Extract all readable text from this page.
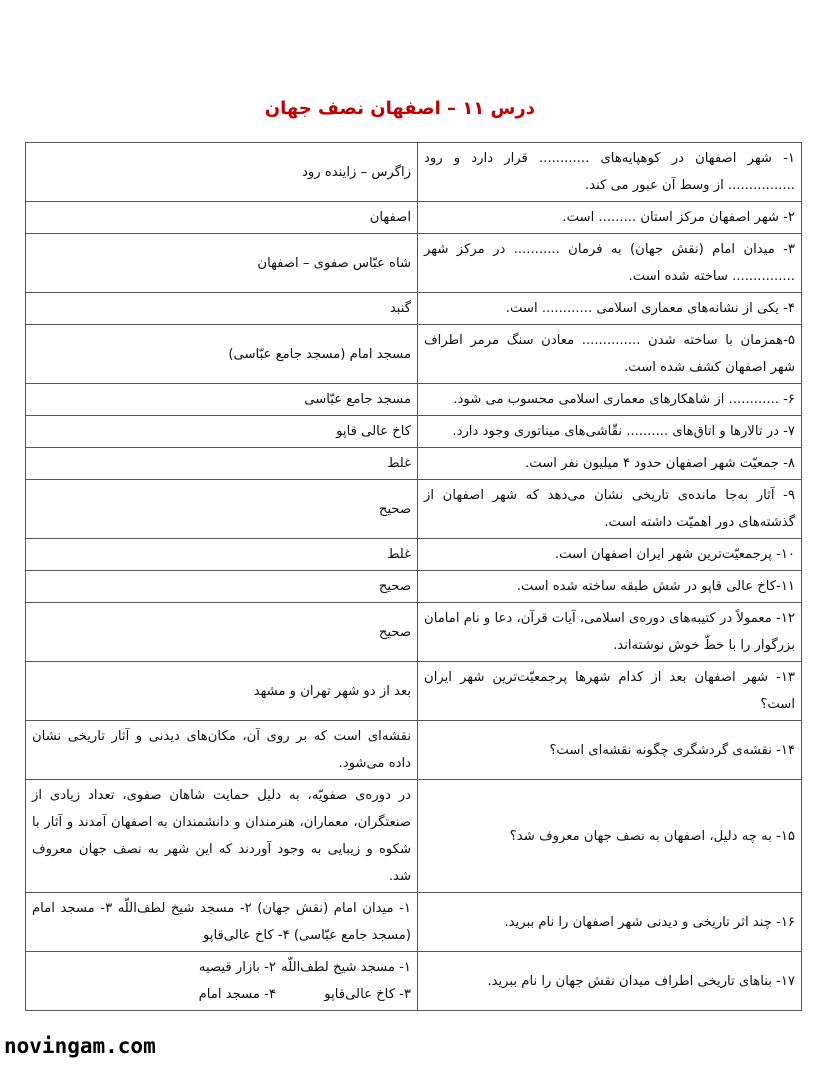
درس ۱۱ – اصفهان نصف جهان
۱- شهر اصفهان در کوهپایه‌های ............ قرار دارد و رود ................ از وسط آن عبور می کند.	زاگرس – زاینده رود
۲- شهر اصفهان مرکز استان ......... است.	اصفهان
۳- میدان امام (نقش جهان) به فرمان ........... در مرکز شهر ............... ساخته شده است.	شاه عبّاس صفوی – اصفهان
۴- یکی از نشانه‌های معماری اسلامی ............ است.	گنبد
۵-همزمان با ساخته شدن .............. معادن سنگ مرمر اطراف شهر اصفهان کشف شده است.	مسجد امام (مسجد جامع عبّاسی)
۶- ............ از شاهکارهای معماری اسلامی محسوب می شود.	مسجد جامع عبّاسی
۷- در تالارها و اتاق‌های .......... نقّاشی‌های میناتوری وجود دارد.	کاخ عالی قاپو
۸- جمعیّت شهر اصفهان حدود ۴ میلیون نفر است.	غلط
۹- آثار به‌جا مانده‌ی تاریخی نشان می‌دهد که شهر اصفهان از گذشته‌های دور اهمیّت داشته است.	صحیح
۱۰- پرجمعیّت‌ترین شهر ایران اصفهان است.	غلط
۱۱-کاخ عالی قاپو در شش طبقه ساخته شده است.	صحیح
۱۲- معمولاً در کتیبه‌های دوره‌ی اسلامی، آیات قرآن، دعا و نام امامان بزرگوار را با خطّ خوش نوشته‌اند.	صحیح
۱۳- شهر اصفهان بعد از کدام شهرها پرجمعیّت‌ترین شهر ایران است؟	بعد از دو شهر تهران و مشهد
۱۴- نقشه‌ی گردشگری چگونه نقشه‌ای است؟	نقشه‌ای است که بر روی آن، مکان‌های دیدنی و آثار تاریخی نشان داده می‌شود.
۱۵- به چه دلیل، اصفهان به نصف جهان معروف شد؟	در دوره‌ی صفویّه، به دلیل حمایت شاهان صفوی، تعداد زیادی از صنعتگران، معماران، هنرمندان و دانشمندان به اصفهان آمدند و آثار با شکوه و زیبایی به وجود آوردند که این شهر به نصف جهان معروف شد.
۱۶- چند اثر تاریخی و دیدنی شهر اصفهان را نام ببرید.	۱- میدان امام (نقش جهان) ۲- مسجد شیخ لطف‌اللّه ۳- مسجد امام (مسجد جامع عبّاسی) ۴- کاخ عالی‌قاپو
۱۷- بناهای تاریخی اطراف میدان نقش جهان را نام ببرید.	۱- مسجد شیخ لطف‌اللّه
۲- بازار قیصیه
۳- کاخ عالی‌قاپو
۴- مسجد امام
novingam.com
